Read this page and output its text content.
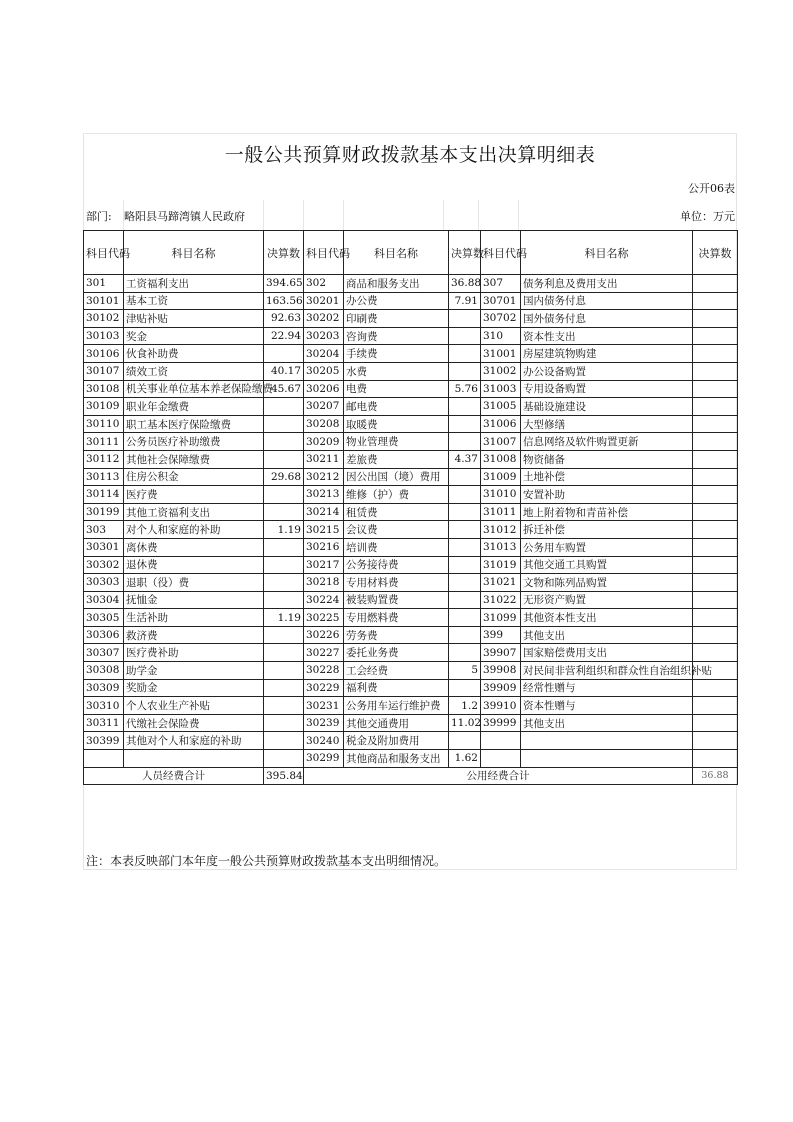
一般公共预算财政拨款基本支出决算明细表
公开06表
部门: 略阳县马蹄湾镇人民政府	单位：万元
科目代码	科目名称	决算数	科目代码	科目名称	决算数	科目代码	科目名称	决算数
301	工资福利支出	394.65	302	商品和服务支出	36.88	307	债务利息及费用支出	
30101	基本工资	163.56	30201	办公费	7.91	30701	国内债务付息	
30102	津贴补贴	92.63	30202	印刷费		30702	国外债务付息	
30103	奖金	22.94	30203	咨询费		310	资本性支出	
30106	伙食补助费		30204	手续费		31001	房屋建筑物购建	
30107	绩效工资	40.17	30205	水费		31002	办公设备购置	
30108	机关事业单位基本养老保险缴费	45.67	30206	电费	5.76	31003	专用设备购置	
30109	职业年金缴费		30207	邮电费		31005	基础设施建设	
30110	职工基本医疗保险缴费		30208	取暖费		31006	大型修缮	
30111	公务员医疗补助缴费		30209	物业管理费		31007	信息网络及软件购置更新	
30112	其他社会保障缴费		30211	差旅费	4.37	31008	物资储备	
30113	住房公积金	29.68	30212	因公出国（境）费用		31009	土地补偿	
30114	医疗费		30213	维修（护）费		31010	安置补助	
30199	其他工资福利支出		30214	租赁费		31011	地上附着物和青苗补偿	
303	对个人和家庭的补助	1.19	30215	会议费		31012	拆迁补偿	
30301	离休费		30216	培训费		31013	公务用车购置	
30302	退休费		30217	公务接待费		31019	其他交通工具购置	
30303	退职（役）费		30218	专用材料费		31021	文物和陈列品购置	
30304	抚恤金		30224	被装购置费		31022	无形资产购置	
30305	生活补助	1.19	30225	专用燃料费		31099	其他资本性支出	
30306	救济费		30226	劳务费		399	其他支出	
30307	医疗费补助		30227	委托业务费		39907	国家赔偿费用支出	
30308	助学金		30228	工会经费	5	39908	对民间非营利组织和群众性自治组织补贴	
30309	奖励金		30229	福利费		39909	经常性赠与	
30310	个人农业生产补贴		30231	公务用车运行维护费	1.2	39910	资本性赠与	
30311	代缴社会保险费		30239	其他交通费用	11.02	39999	其他支出	
30399	其他对个人和家庭的补助		30240	税金及附加费用				
			30299	其他商品和服务支出	1.62			
人员经费合计		395.84	公用经费合计					36.88
注：本表反映部门本年度一般公共预算财政拨款基本支出明细情况。
